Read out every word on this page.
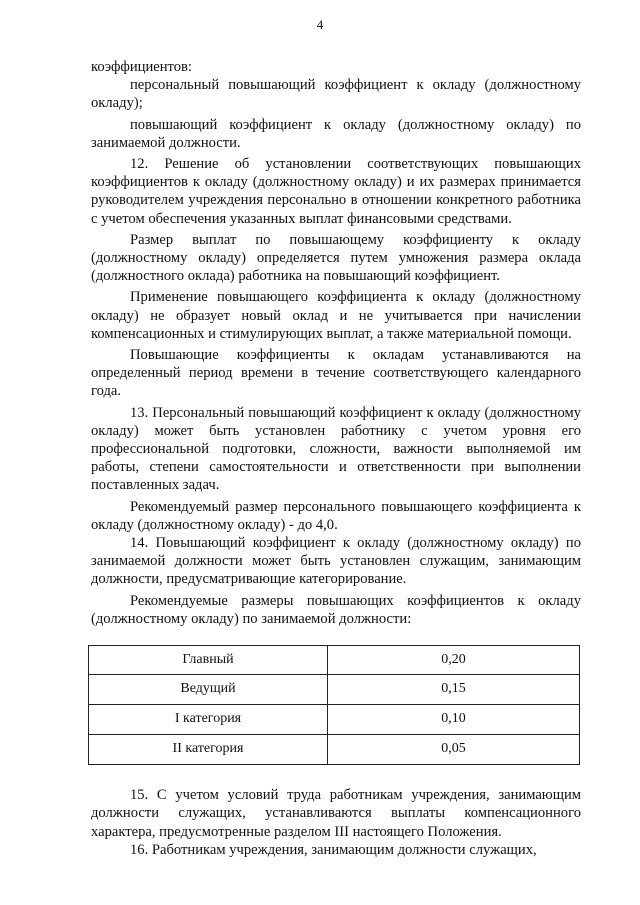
4

коэффициентов:

персональный повышающий коэффициент к окладу (должностному окладу);

повышающий коэффициент к окладу (должностному окладу) по занимаемой должности.

12. Решение об установлении соответствующих повышающих коэффициентов к окладу (должностному окладу) и их размерах принимается руководителем учреждения персонально в отношении конкретного работника с учетом обеспечения указанных выплат финансовыми средствами.

Размер выплат по повышающему коэффициенту к окладу (должностному окладу) определяется путем умножения размера оклада (должностного оклада) работника на повышающий коэффициент.

Применение повышающего коэффициента к окладу (должностному окладу) не образует новый оклад и не учитывается при начислении компенсационных и стимулирующих выплат, а также материальной помощи.

Повышающие коэффициенты к окладам устанавливаются на определенный период времени в течение соответствующего календарного года.

13. Персональный повышающий коэффициент к окладу (должностному окладу) может быть установлен работнику с учетом уровня его профессиональной подготовки, сложности, важности выполняемой им работы, степени самостоятельности и ответственности при выполнении поставленных задач.

Рекомендуемый размер персонального повышающего коэффициента к окладу (должностному окладу) - до 4,0.

14. Повышающий коэффициент к окладу (должностному окладу) по занимаемой должности может быть установлен служащим, занимающим должности, предусматривающие категорирование.

Рекомендуемые размеры повышающих коэффициентов к окладу (должностному окладу) по занимаемой должности:

Главный	0,20
Ведущий	0,15
I категория	0,10
II категория	0,05

15. С учетом условий труда работникам учреждения, занимающим должности служащих, устанавливаются выплаты компенсационного характера, предусмотренные разделом III настоящего Положения.

16. Работникам учреждения, занимающим должности служащих,
